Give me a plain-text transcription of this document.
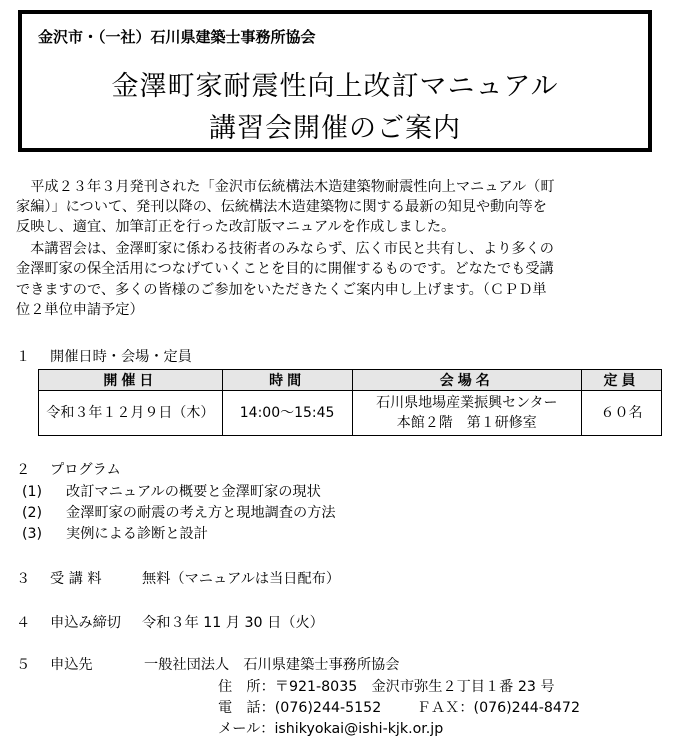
金沢市・（一社）石川県建築士事務所協会
金澤町家耐震性向上改訂マニュアル
講習会開催のご案内
　平成２３年３月発刊された「金沢市伝統構法木造建築物耐震性向上マニュアル（町
家編）」について、発刊以降の、伝統構法木造建築物に関する最新の知見や動向等を
反映し、適宜、加筆訂正を行った改訂版マニュアルを作成しました。
　本講習会は、金澤町家に係わる技術者のみならず、広く市民と共有し、より多くの
金澤町家の保全活用につなげていくことを目的に開催するものです。どなたでも受講
できますので、多くの皆様のご参加をいただきたくご案内申し上げます。（ＣＰＤ単
位２単位申請予定）
１ 開催日時・会場・定員
開催日	時間	会場名	定員
令和３年１２月９日（木）	14:00～15:45	石川県地場産業振興センター
本館２階　第１研修室	６０名
２ プログラム
(1) 改訂マニュアルの概要と金澤町家の現状
(2) 金澤町家の耐震の考え方と現地調査の方法
(3) 実例による診断と設計
３ 受 講 料	無料（マニュアルは当日配布）
４ 申込み締切 令和３年 11 月 30 日（火）
５ 申込先	一般社団法人　石川県建築士事務所協会
住　所：〒921-8035　金沢市弥生２丁目１番 23 号
電　話：(076)244-5152	ＦＡＸ：(076)244-8472
メール：ishikyokai@ishi-kjk.or.jp
